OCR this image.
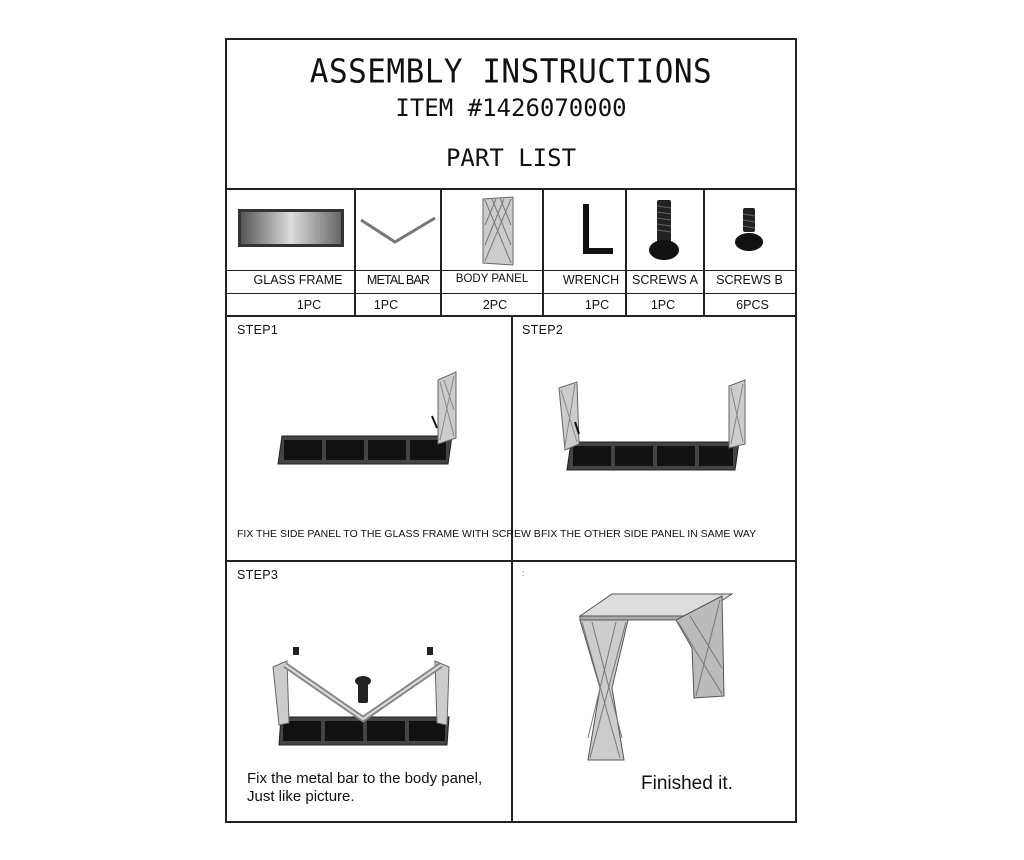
ASSEMBLY INSTRUCTIONS
ITEM #1426070000
PART LIST
GLASS FRAME	METAL BAR	BODY PANEL	WRENCH	SCREWS A	SCREWS B
1PC	1PC	2PC	1PC	1PC	6PCS
STEP1	STEP2
STEP3	:
FIX THE SIDE PANEL TO THE GLASS FRAME WITH SCREW B FIX THE OTHER SIDE PANEL IN SAME WAY
Fix the metal bar to the body panel,
Just like picture.
Finished it.
